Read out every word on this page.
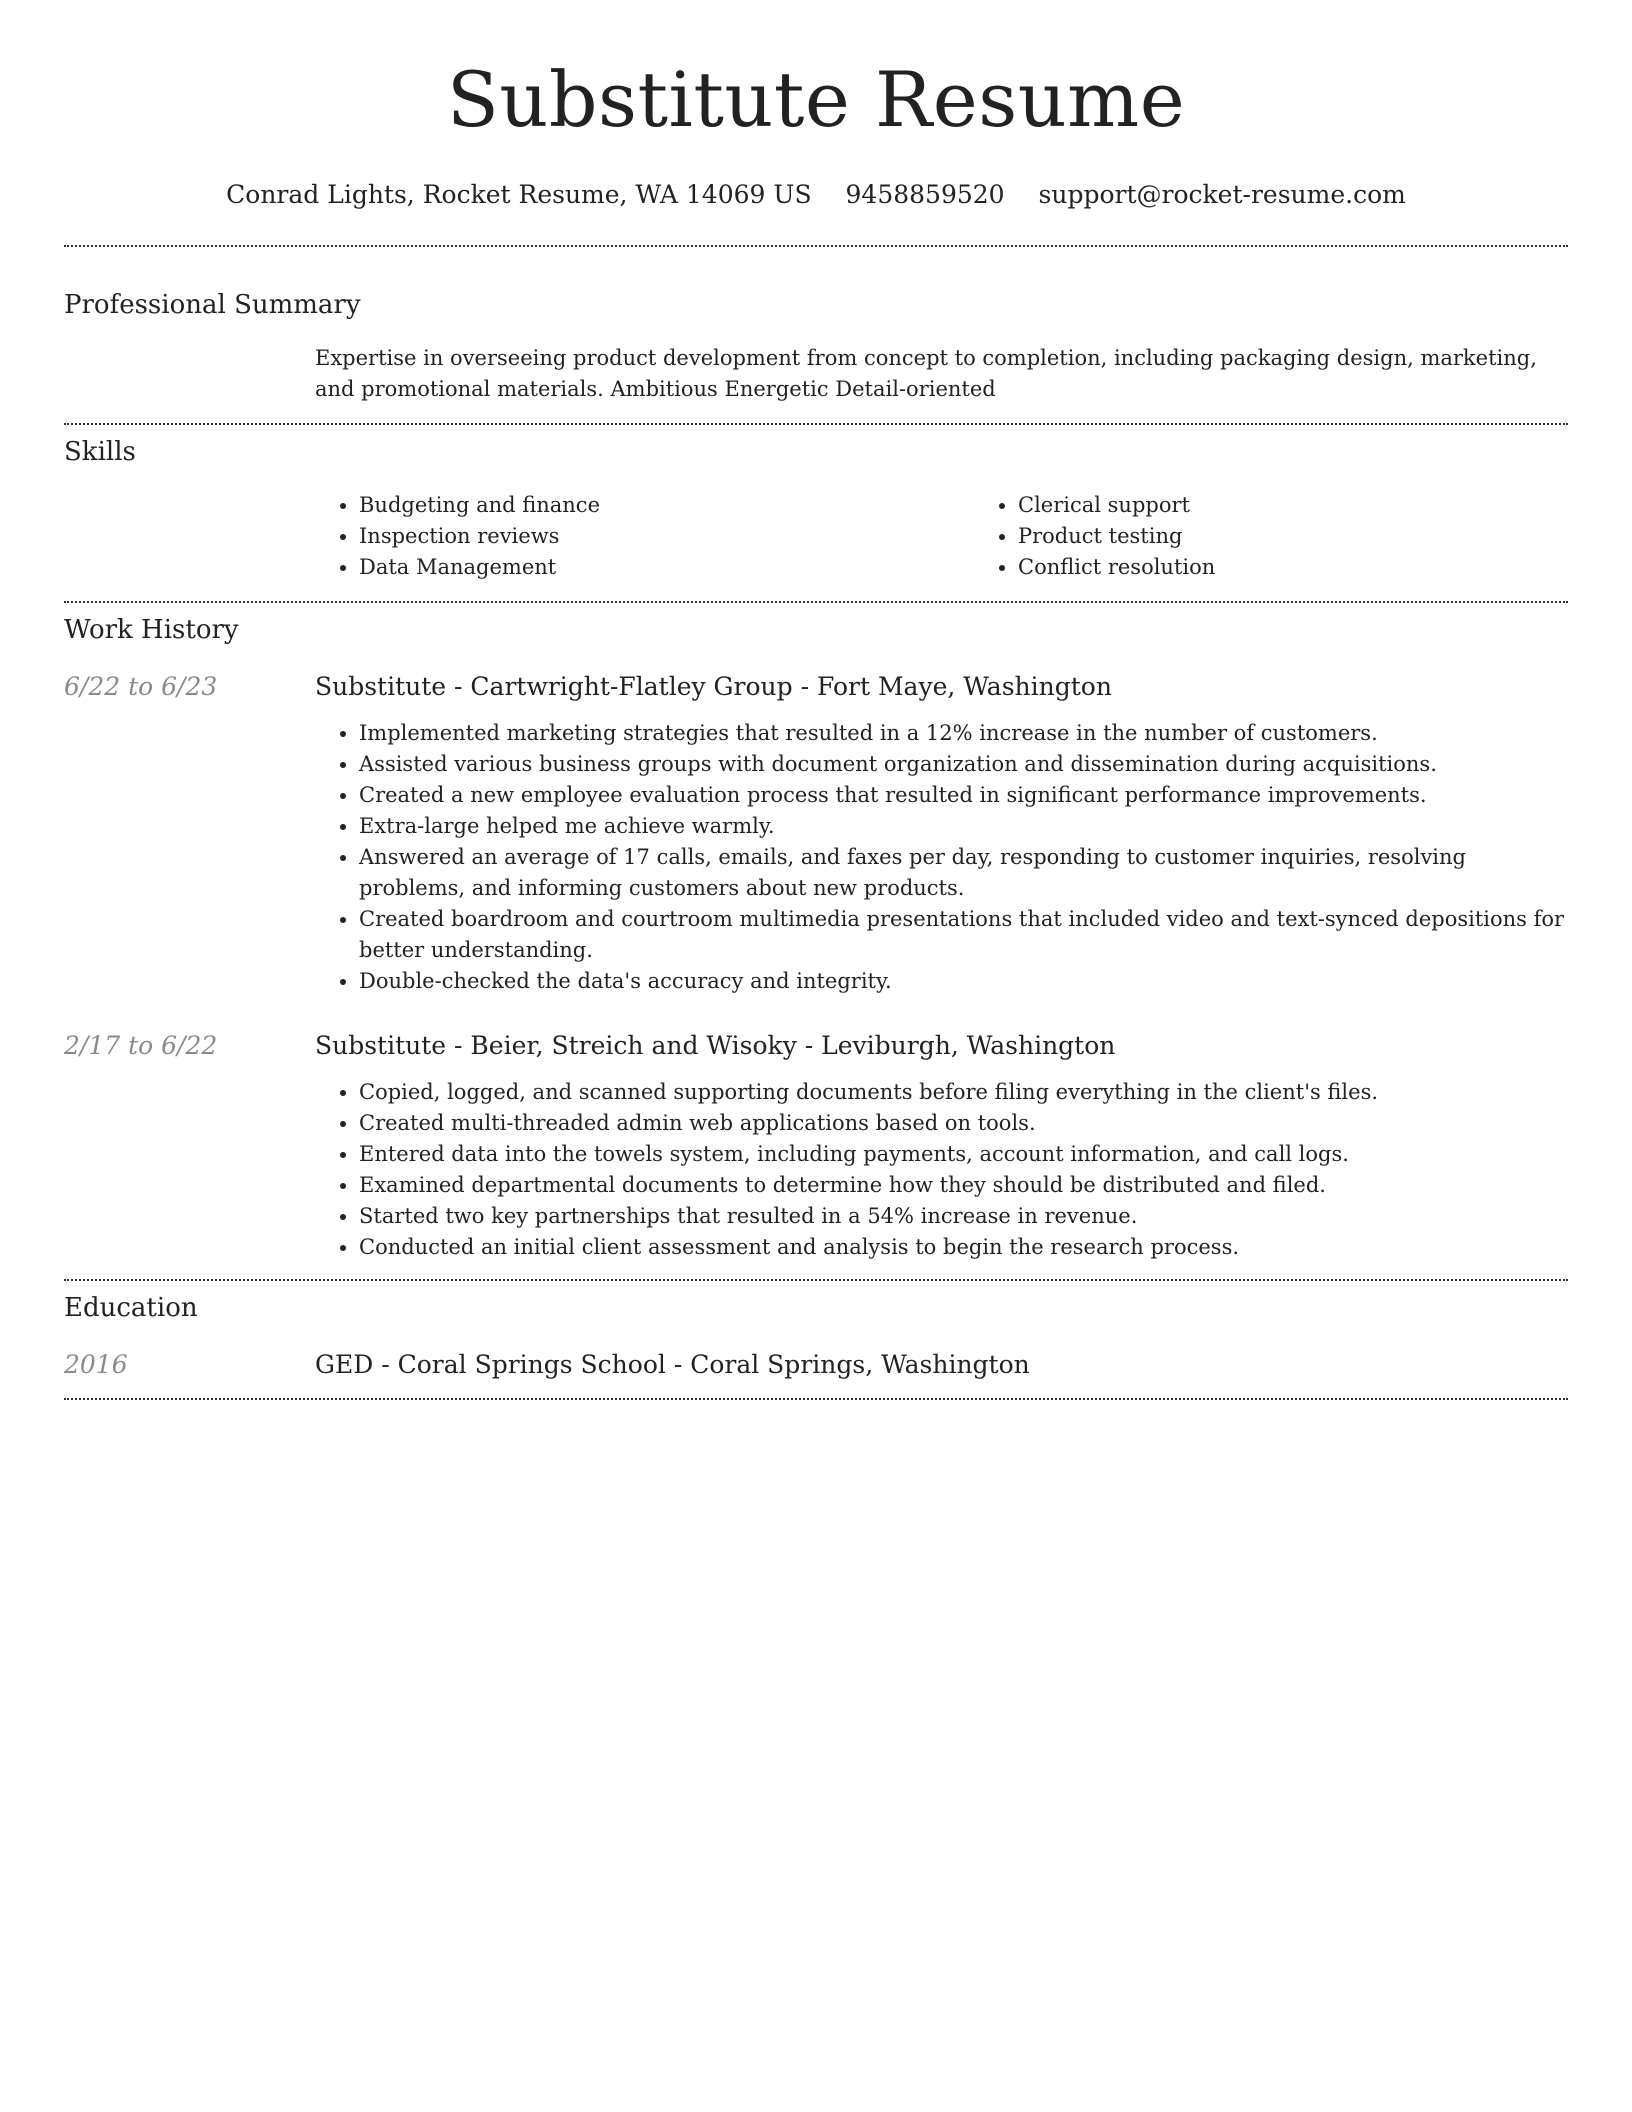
Substitute Resume
Conrad Lights, Rocket Resume, WA 14069 US 9458859520 support@rocket-resume.com
Professional Summary

Expertise in overseeing product development from concept to completion, including packaging design, marketing, and promotional materials. Ambitious Energetic Detail-oriented

Skills
• Budgeting and finance
• Inspection reviews
• Data Management
• Clerical support
• Product testing
• Conflict resolution
Work History
6/22 to 6/23	Substitute - Cartwright-Flatley Group - Fort Maye, Washington
• Implemented marketing strategies that resulted in a 12% increase in the number of customers.
• Assisted various business groups with document organization and dissemination during acquisitions.
• Created a new employee evaluation process that resulted in significant performance improvements.
• Extra-large helped me achieve warmly.
• Answered an average of 17 calls, emails, and faxes per day, responding to customer inquiries, resolving problems, and informing customers about new products.
• Created boardroom and courtroom multimedia presentations that included video and text-synced depositions for better understanding.
• Double-checked the data's accuracy and integrity.
2/17 to 6/22	Substitute - Beier, Streich and Wisoky - Leviburgh, Washington
• Copied, logged, and scanned supporting documents before filing everything in the client's files.
• Created multi-threaded admin web applications based on tools.
• Entered data into the towels system, including payments, account information, and call logs.
• Examined departmental documents to determine how they should be distributed and filed.
• Started two key partnerships that resulted in a 54% increase in revenue.
• Conducted an initial client assessment and analysis to begin the research process.
Education
2016	GED - Coral Springs School - Coral Springs, Washington
